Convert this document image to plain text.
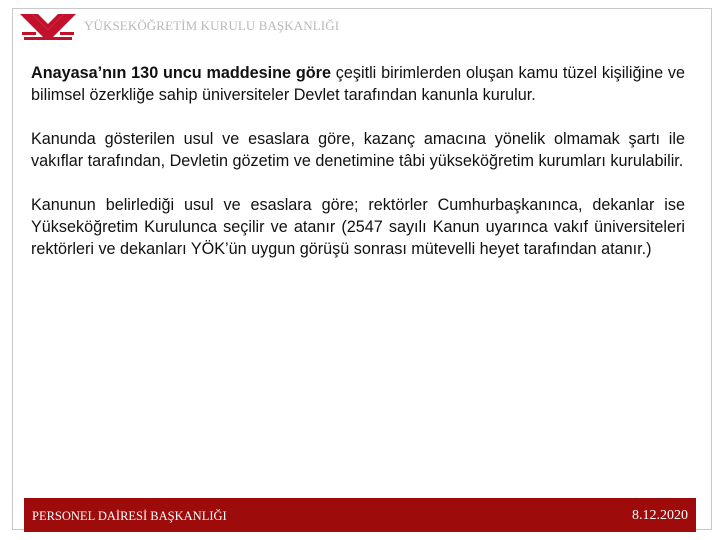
YÜKSEKÖĞRETİM KURULU BAŞKANLIĞI

Anayasa’nın 130 uncu maddesine göre çeşitli birimlerden oluşan kamu tüzel kişiliğine ve bilimsel özerkliğe sahip üniversiteler Devlet tarafından kanunla kurulur.

Kanunda gösterilen usul ve esaslara göre, kazanç amacına yönelik olmamak şartı ile vakıflar tarafından, Devletin gözetim ve denetimine tâbi yükseköğretim kurumları kurulabilir.

Kanunun belirlediği usul ve esaslara göre; rektörler Cumhurbaşkanınca, dekanlar ise Yükseköğretim Kurulunca seçilir ve atanır (2547 sayılı Kanun uyarınca vakıf üniversiteleri rektörleri ve dekanları YÖK’ün uygun görüşü sonrası mütevelli heyet tarafından atanır.)

PERSONEL DAİRESİ BAŞKANLIĞI	8.12.2020
